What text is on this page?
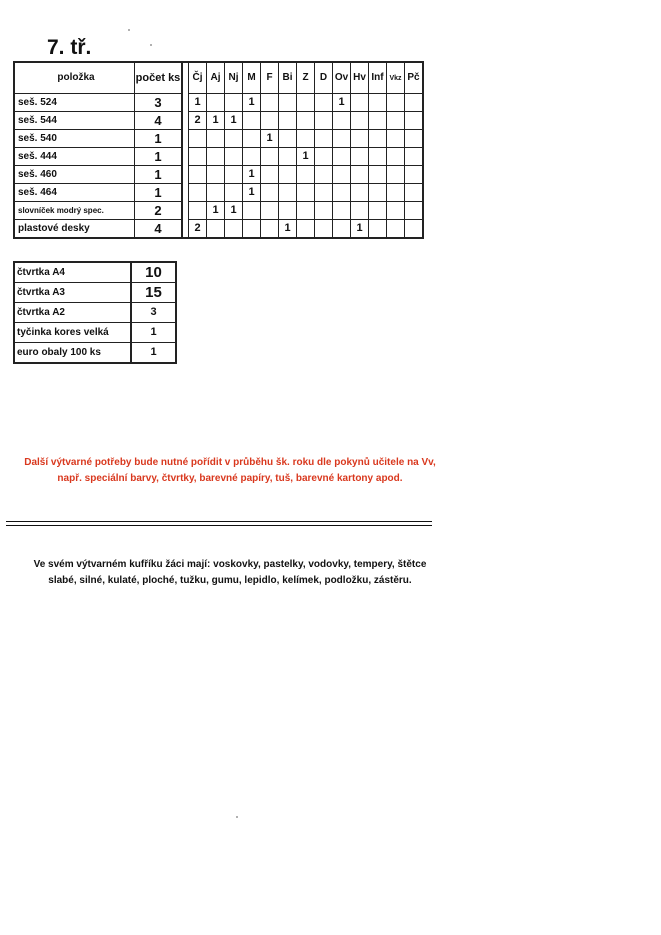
7. tř.
položka	počet ks		Čj	Aj	Nj	M	F	Bi	Z	D	Ov	Hv	Inf	Vkz	Pč
seš. 524	3		1			1					1				
seš. 544	4		2	1	1										
seš. 540	1						1								
seš. 444	1								1						
seš. 460	1					1									
seš. 464	1					1									
slovníček modrý spec.	2			1	1										
plastové desky	4		2					1				1			
čtvrtka A4	10
čtvrtka A3	15
čtvrtka A2	3
tyčinka kores velká	1
euro obaly 100 ks	1

Další výtvarné potřeby bude nutné pořídit v průběhu šk. roku dle pokynů učitele na Vv, např. speciální barvy, čtvrtky, barevné papíry, tuš, barevné kartony apod.

Ve svém výtvarném kufříku žáci mají: voskovky, pastelky, vodovky, tempery, štětce slabé, silné, kulaté, ploché, tužku, gumu, lepidlo, kelímek, podložku, zástěru.
